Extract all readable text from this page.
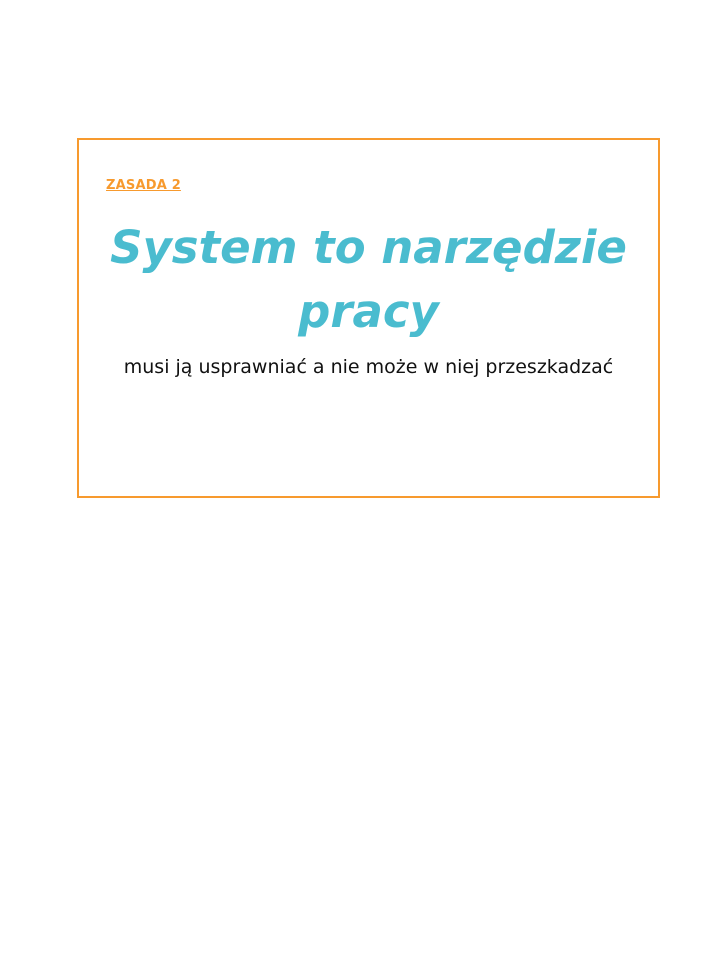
ZASADA 2
System to narzędzie
pracy

musi ją usprawniać a nie może w niej przeszkadzać
